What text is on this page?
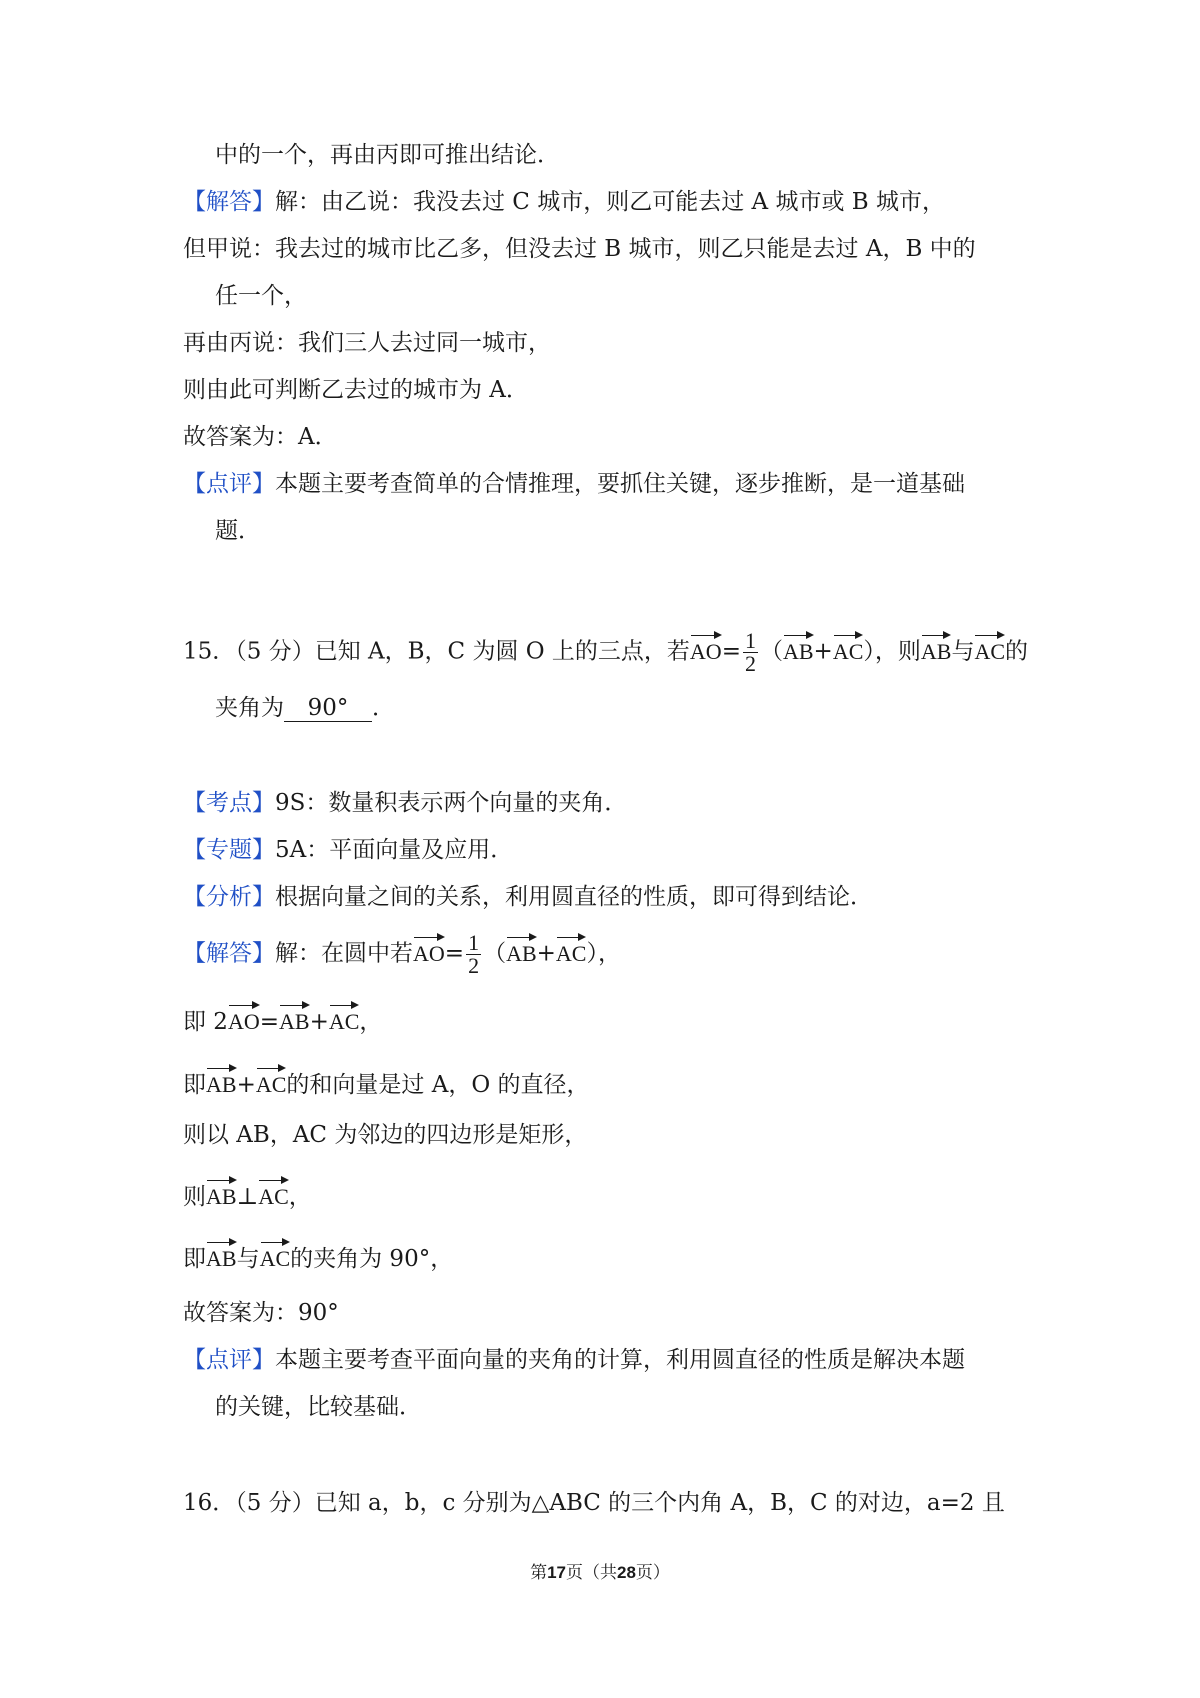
中的一个，再由丙即可推出结论．
【解答】解：由乙说：我没去过 C 城市，则乙可能去过 A 城市或 B 城市，
但甲说：我去过的城市比乙多，但没去过 B 城市，则乙只能是去过 A，B 中的
任一个，
再由丙说：我们三人去过同一城市，
则由此可判断乙去过的城市为 A．
故答案为：A．
【点评】本题主要考查简单的合情推理，要抓住关键，逐步推断，是一道基础
题．
15．（5 分）已知 A，B，C 为圆 O 上的三点，若$AO= \frac{1}{2} (AB+AC)$，则AB与AC的
夹角为 90° ．
【考点】9S：数量积表示两个向量的夹角．
【专题】5A：平面向量及应用．
【分析】根据向量之间的关系，利用圆直径的性质，即可得到结论．
【解答】解：在圆中若$AO= \frac{1}{2} (AB+AC)$，
即 2AO=AB+AC，
即AB+AC的和向量是过 A，O 的直径，
则以 AB，AC 为邻边的四边形是矩形，
则AB⊥AC，
即AB与AC的夹角为 90°，
故答案为：90°
【点评】本题主要考查平面向量的夹角的计算，利用圆直径的性质是解决本题
的关键，比较基础．
16．（5 分）已知 a，b，c 分别为△ABC 的三个内角 A，B，C 的对边，a=2 且
第17页（共28页）
